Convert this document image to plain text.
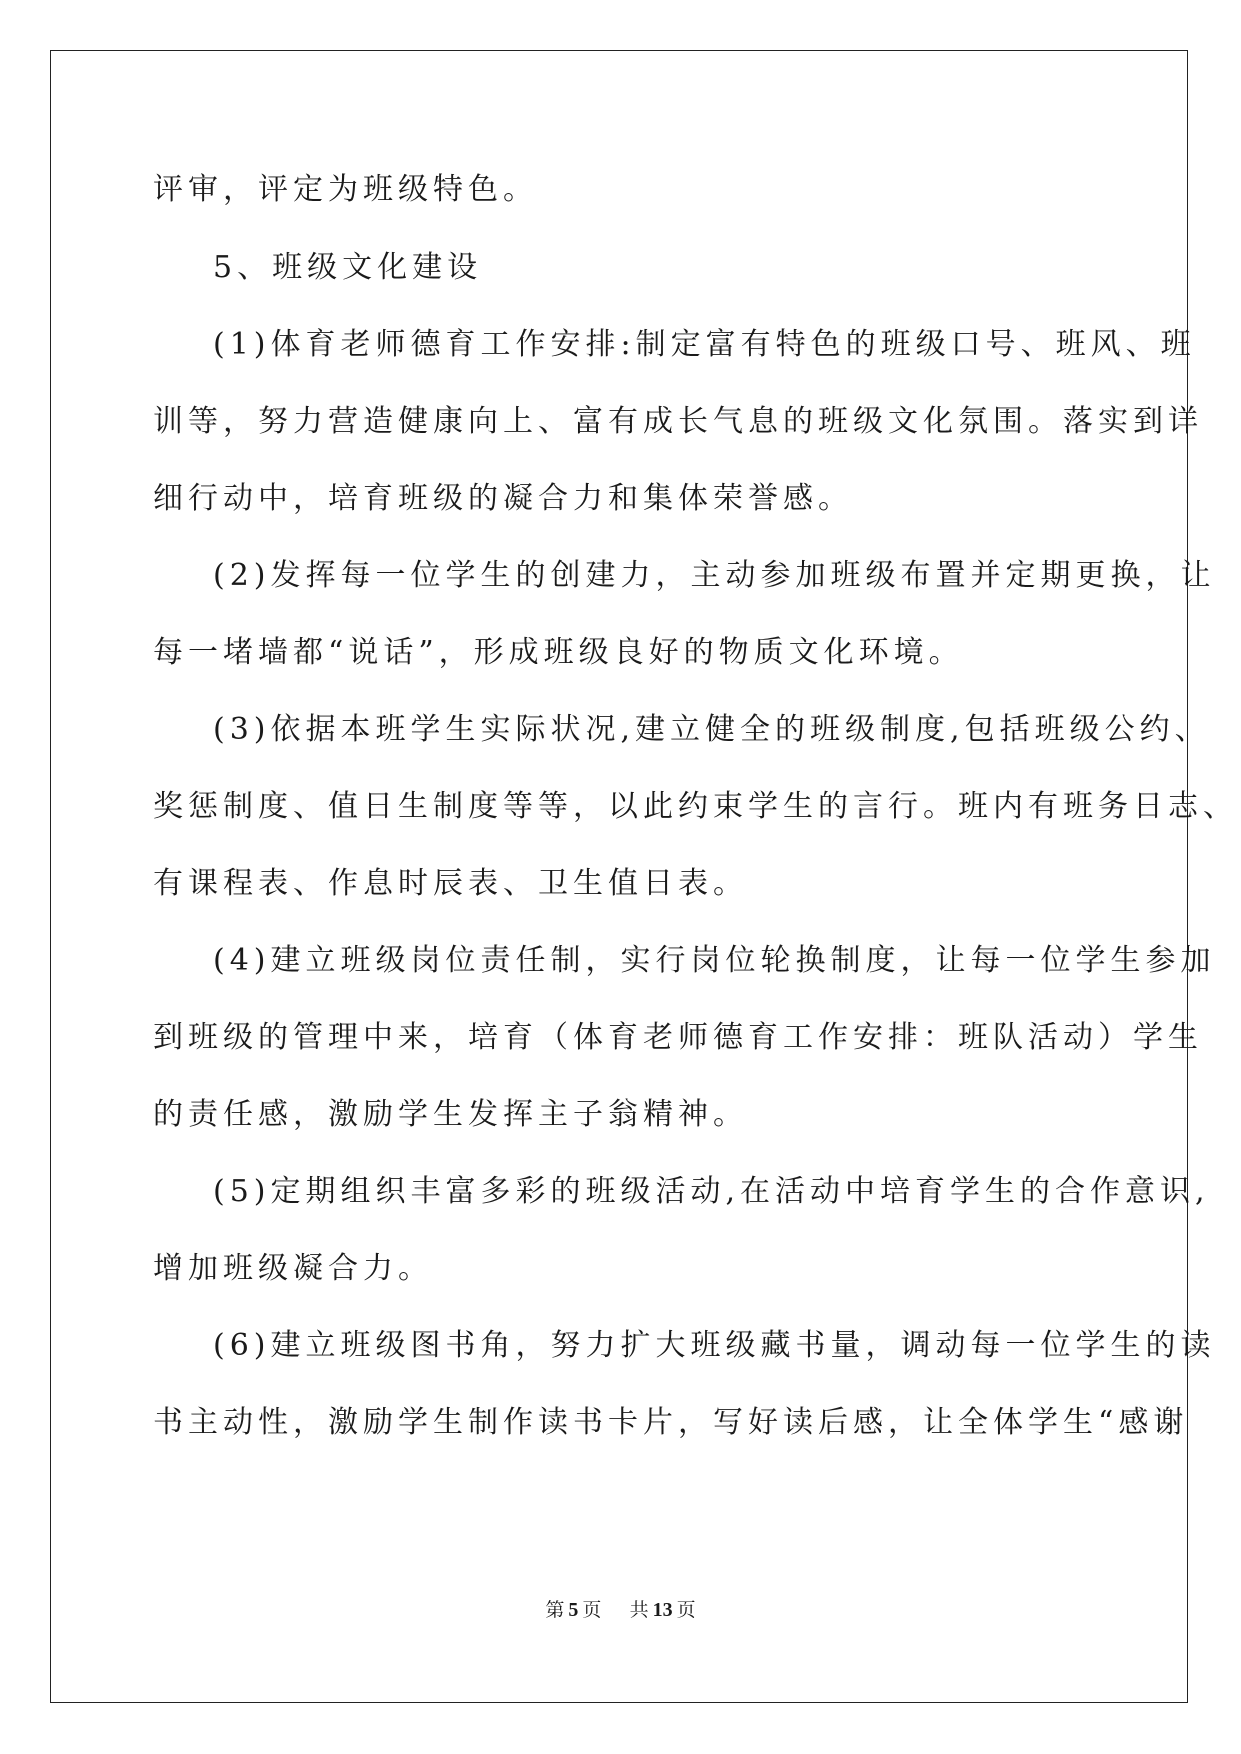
评审，评定为班级特色。
5、班级文化建设
(1)体育老师德育工作安排:制定富有特色的班级口号、班风、班
训等，努力营造健康向上、富有成长气息的班级文化氛围。落实到详
细行动中，培育班级的凝合力和集体荣誉感。
(2)发挥每一位学生的创建力，主动参加班级布置并定期更换，让
每一堵墙都“说话”，形成班级良好的物质文化环境。
(3)依据本班学生实际状况,建立健全的班级制度,包括班级公约、
奖惩制度、值日生制度等等，以此约束学生的言行。班内有班务日志、
有课程表、作息时辰表、卫生值日表。
(4)建立班级岗位责任制，实行岗位轮换制度，让每一位学生参加
到班级的管理中来，培育（体育老师德育工作安排：班队活动）学生
的责任感，激励学生发挥主子翁精神。
(5)定期组织丰富多彩的班级活动,在活动中培育学生的合作意识,
增加班级凝合力。
(6)建立班级图书角，努力扩大班级藏书量，调动每一位学生的读
书主动性，激励学生制作读书卡片，写好读后感，让全体学生“感谢
第 5 页 共 13 页
